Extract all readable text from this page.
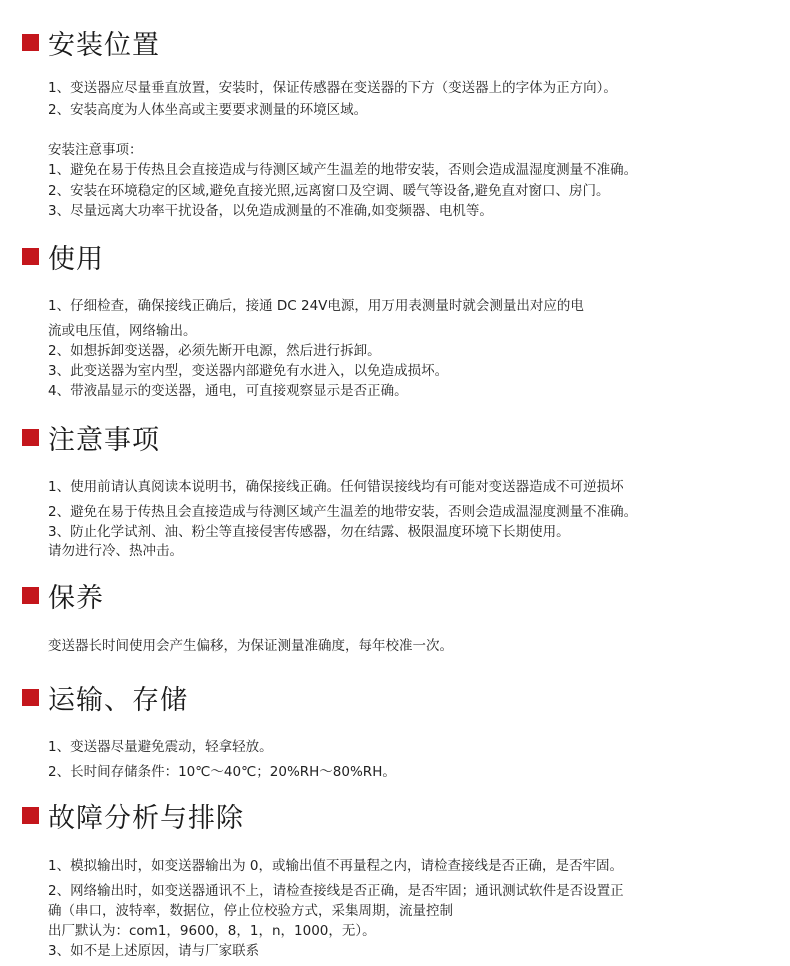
安装位置
1、变送器应尽量垂直放置，安装时，保证传感器在变送器的下方（变送器上的字体为正方向）。
2、安装高度为人体坐高或主要要求测量的环境区域。
安装注意事项：
1、避免在易于传热且会直接造成与待测区域产生温差的地带安装，否则会造成温湿度测量不准确。
2、安装在环境稳定的区域,避免直接光照,远离窗口及空调、暖气等设备,避免直对窗口、房门。
3、尽量远离大功率干扰设备，以免造成测量的不准确,如变频器、电机等。
使用
1、仔细检查，确保接线正确后，接通 DC 24V电源，用万用表测量时就会测量出对应的电
流或电压值，网络输出。
2、如想拆卸变送器，必须先断开电源，然后进行拆卸。
3、此变送器为室内型，变送器内部避免有水进入，以免造成损坏。
4、带液晶显示的变送器，通电，可直接观察显示是否正确。
注意事项
1、使用前请认真阅读本说明书，确保接线正确。任何错误接线均有可能对变送器造成不可逆损坏
2、避免在易于传热且会直接造成与待测区域产生温差的地带安装，否则会造成温湿度测量不准确。
3、防止化学试剂、油、粉尘等直接侵害传感器，勿在结露、极限温度环境下长期使用。
请勿进行冷、热冲击。
保养
变送器长时间使用会产生偏移，为保证测量准确度，每年校准一次。
运输、存储
1、变送器尽量避免震动，轻拿轻放。
2、长时间存储条件：10℃～40℃；20%RH～80%RH。
故障分析与排除
1、模拟输出时，如变送器输出为 0，或输出值不再量程之内，请检查接线是否正确，是否牢固。
2、网络输出时，如变送器通讯不上，请检查接线是否正确，是否牢固；通讯测试软件是否设置正
确（串口，波特率，数据位，停止位校验方式，采集周期，流量控制
出厂默认为：com1，9600，8，1，n，1000，无）。
3、如不是上述原因，请与厂家联系
